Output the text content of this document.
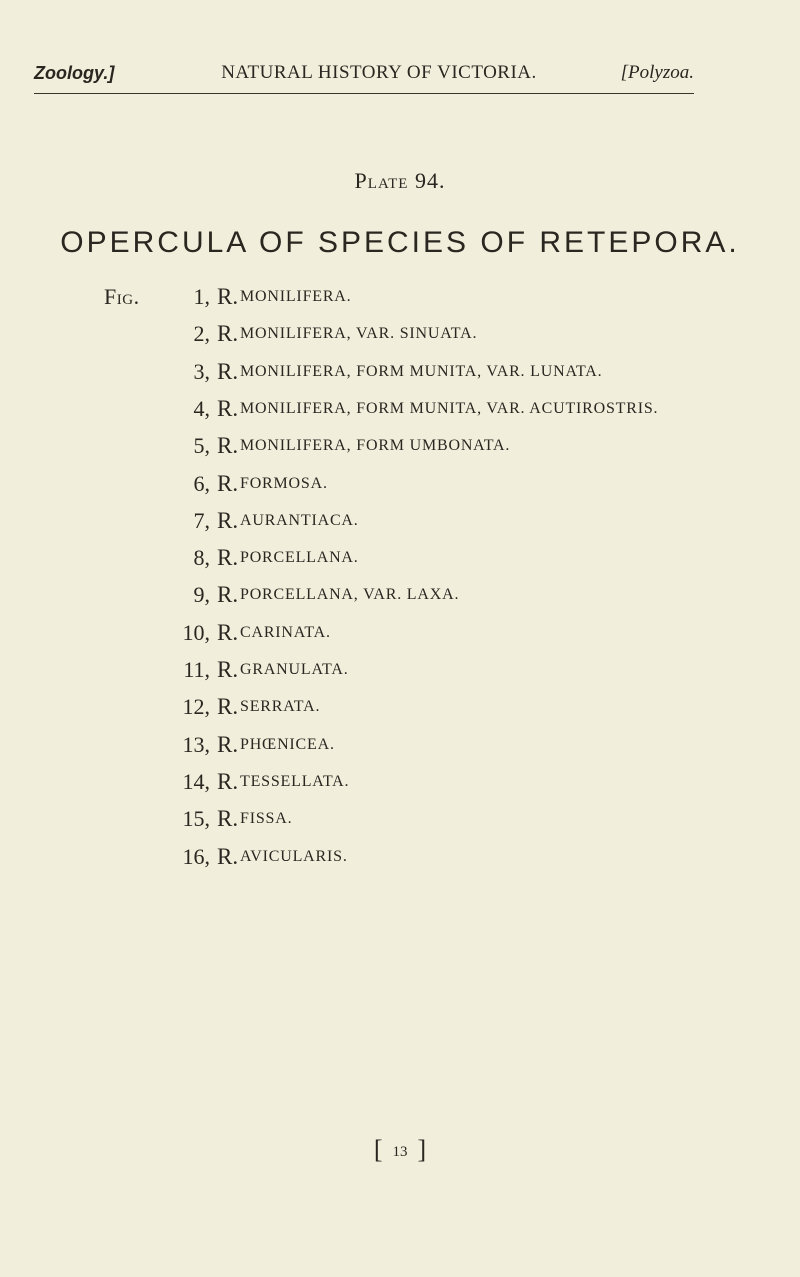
Zoology.]	NATURAL HISTORY OF VICTORIA.	[Polyzoa.
Plate 94.
OPERCULA OF SPECIES OF RETEPORA.
Fig.	1, R. MONILIFERA.
2, R. MONILIFERA, VAR. SINUATA.
3, R. MONILIFERA, FORM MUNITA, VAR. LUNATA.
4, R. MONILIFERA, FORM MUNITA, VAR. ACUTIROSTRIS.
5, R. MONILIFERA, FORM UMBONATA.
6, R. FORMOSA.
7, R. AURANTIACA.
8, R. PORCELLANA.
9, R. PORCELLANA, VAR. LAXA.
10, R. CARINATA.
11, R. GRANULATA.
12, R. SERRATA.
13, R. PHŒNICEA.
14, R. TESSELLATA.
15, R. FISSA.
16, R. AVICULARIS.
[ 13 ]
